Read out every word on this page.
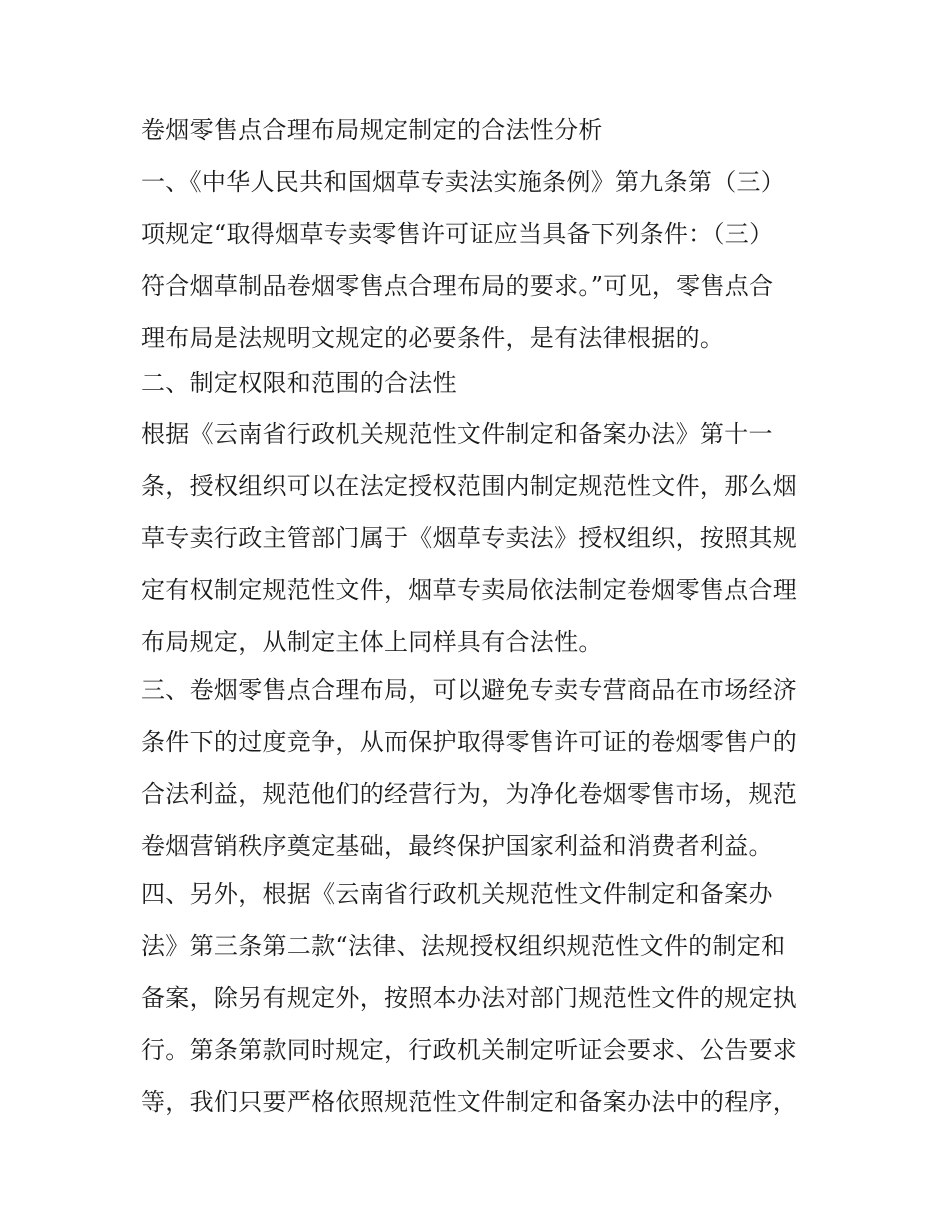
卷烟零售点合理布局规定制定的合法性分析
一、《中华人民共和国烟草专卖法实施条例》第九条第（三）
项规定“取得烟草专卖零售许可证应当具备下列条件：（三）
符合烟草制品卷烟零售点合理布局的要求。”可见，零售点合
理布局是法规明文规定的必要条件，是有法律根据的。
二、制定权限和范围的合法性
根据《云南省行政机关规范性文件制定和备案办法》第十一
条，授权组织可以在法定授权范围内制定规范性文件，那么烟
草专卖行政主管部门属于《烟草专卖法》授权组织，按照其规
定有权制定规范性文件，烟草专卖局依法制定卷烟零售点合理
布局规定，从制定主体上同样具有合法性。
三、卷烟零售点合理布局，可以避免专卖专营商品在市场经济
条件下的过度竞争，从而保护取得零售许可证的卷烟零售户的
合法利益，规范他们的经营行为，为净化卷烟零售市场，规范
卷烟营销秩序奠定基础，最终保护国家利益和消费者利益。
四、另外，根据《云南省行政机关规范性文件制定和备案办
法》第三条第二款“法律、法规授权组织规范性文件的制定和
备案，除另有规定外，按照本办法对部门规范性文件的规定执
行。第条第款同时规定，行政机关制定听证会要求、公告要求
等，我们只要严格依照规范性文件制定和备案办法中的程序，
